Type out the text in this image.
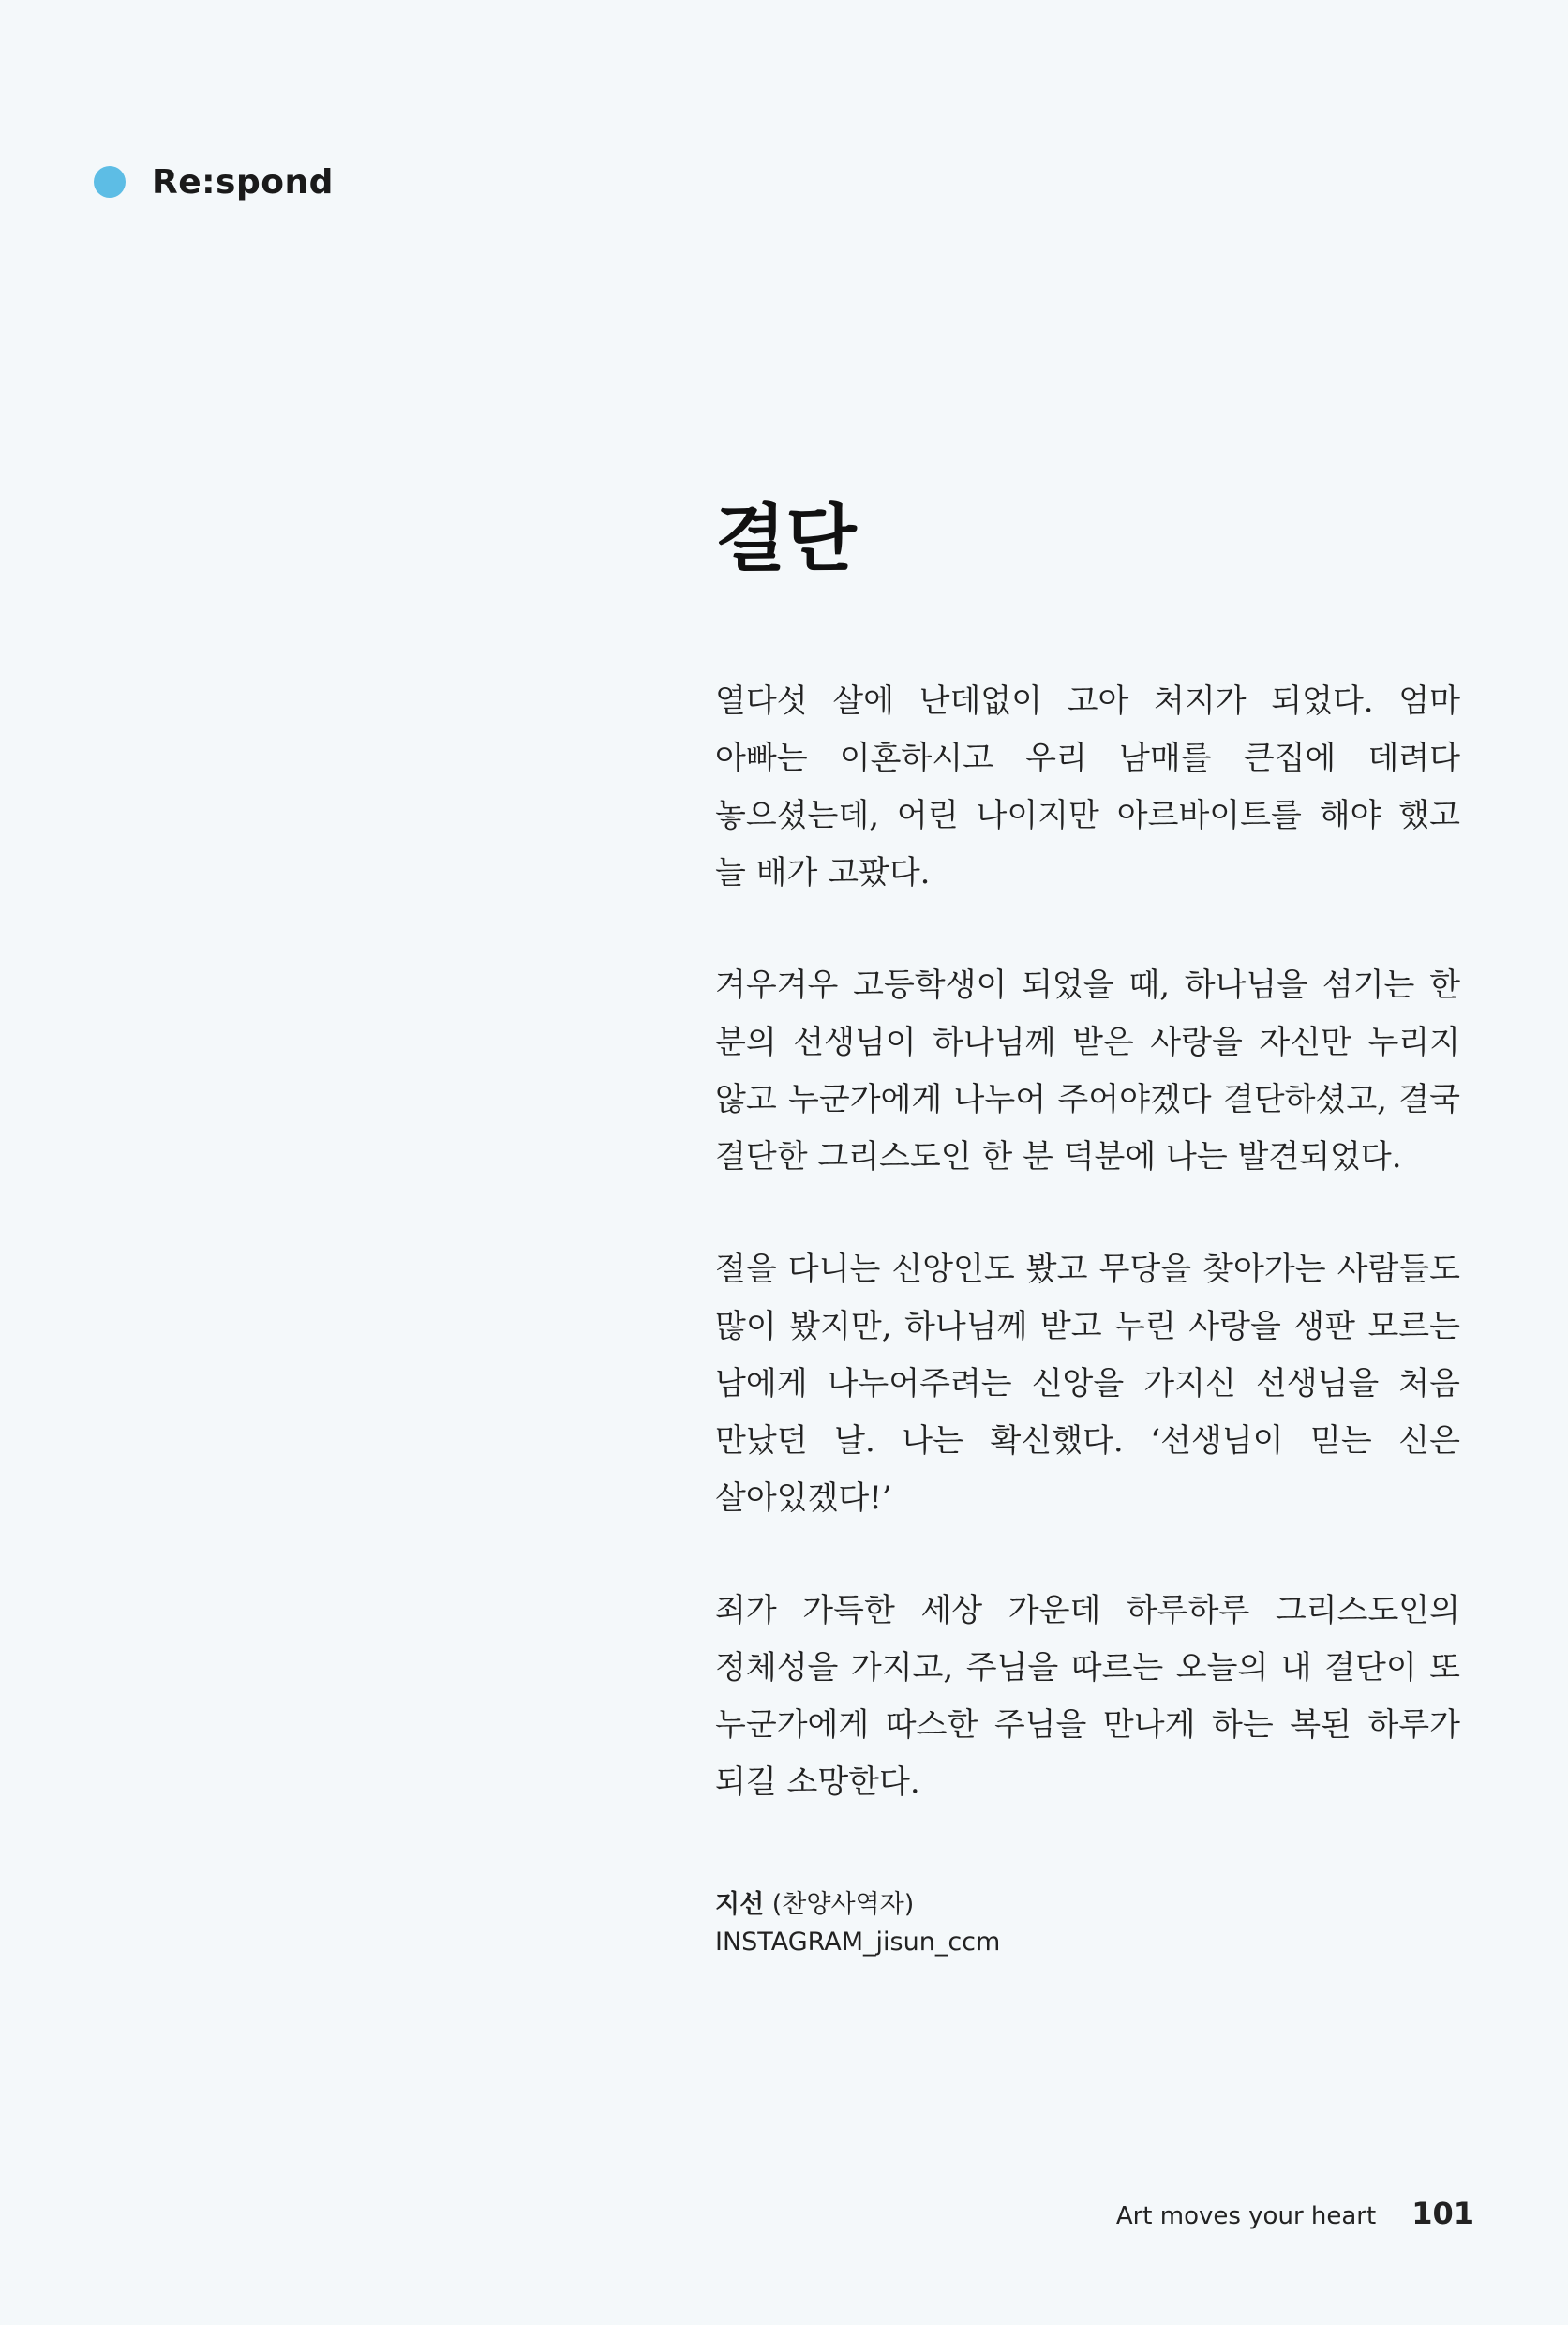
Re:spond
결단

열다섯 살에 난데없이 고아 처지가 되었다. 엄마 아빠는 이혼하시고 우리 남매를 큰집에 데려다 놓으셨는데, 어린 나이지만 아르바이트를 해야 했고 늘 배가 고팠다.

겨우겨우 고등학생이 되었을 때, 하나님을 섬기는 한 분의 선생님이 하나님께 받은 사랑을 자신만 누리지 않고 누군가에게 나누어 주어야겠다 결단하셨고, 결국 결단한 그리스도인 한 분 덕분에 나는 발견되었다.

절을 다니는 신앙인도 봤고 무당을 찾아가는 사람들도 많이 봤지만, 하나님께 받고 누린 사랑을 생판 모르는 남에게 나누어주려는 신앙을 가지신 선생님을 처음 만났던 날. 나는 확신했다. ‘선생님이 믿는 신은 살아있겠다!’

죄가 가득한 세상 가운데 하루하루 그리스도인의 정체성을 가지고, 주님을 따르는 오늘의 내 결단이 또 누군가에게 따스한 주님을 만나게 하는 복된 하루가 되길 소망한다.

지선 (찬양사역자)
INSTAGRAM_jisun_ccm
Art moves your heart 101
